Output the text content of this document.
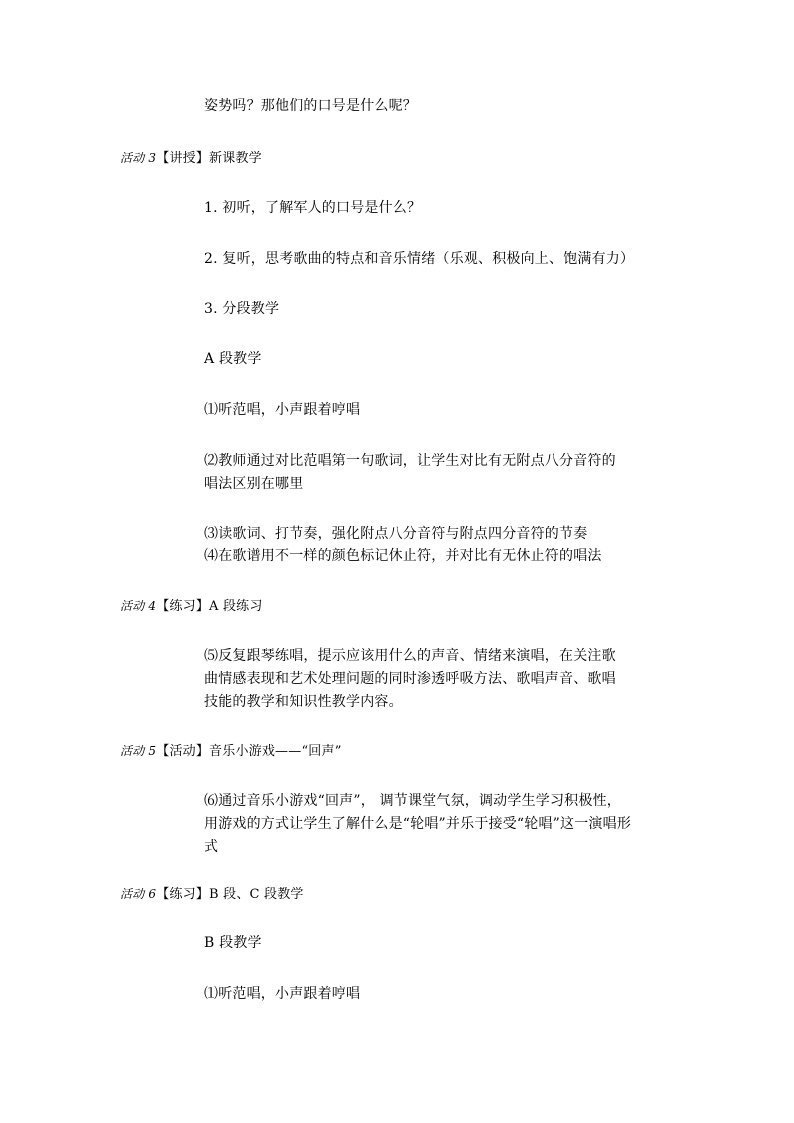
姿势吗？那他们的口号是什么呢？
活动 3【讲授】新课教学
1. 初听，了解军人的口号是什么？
2. 复听，思考歌曲的特点和音乐情绪（乐观、积极向上、饱满有力）
3. 分段教学
A 段教学
⑴听范唱，小声跟着哼唱
⑵教师通过对比范唱第一句歌词，让学生对比有无附点八分音符的
唱法区别在哪里
⑶读歌词、打节奏，强化附点八分音符与附点四分音符的节奏
⑷在歌谱用不一样的颜色标记休止符，并对比有无休止符的唱法
活动 4【练习】A 段练习
⑸反复跟琴练唱，提示应该用什么的声音、情绪来演唱，在关注歌
曲情感表现和艺术处理问题的同时渗透呼吸方法、歌唱声音、歌唱
技能的教学和知识性教学内容。
活动 5【活动】音乐小游戏——“回声”
⑹通过音乐小游戏“回声”， 调节课堂气氛，调动学生学习积极性，
用游戏的方式让学生了解什么是“轮唱”并乐于接受“轮唱”这一演唱形
式
活动 6【练习】B 段、C 段教学
B 段教学
⑴听范唱，小声跟着哼唱
